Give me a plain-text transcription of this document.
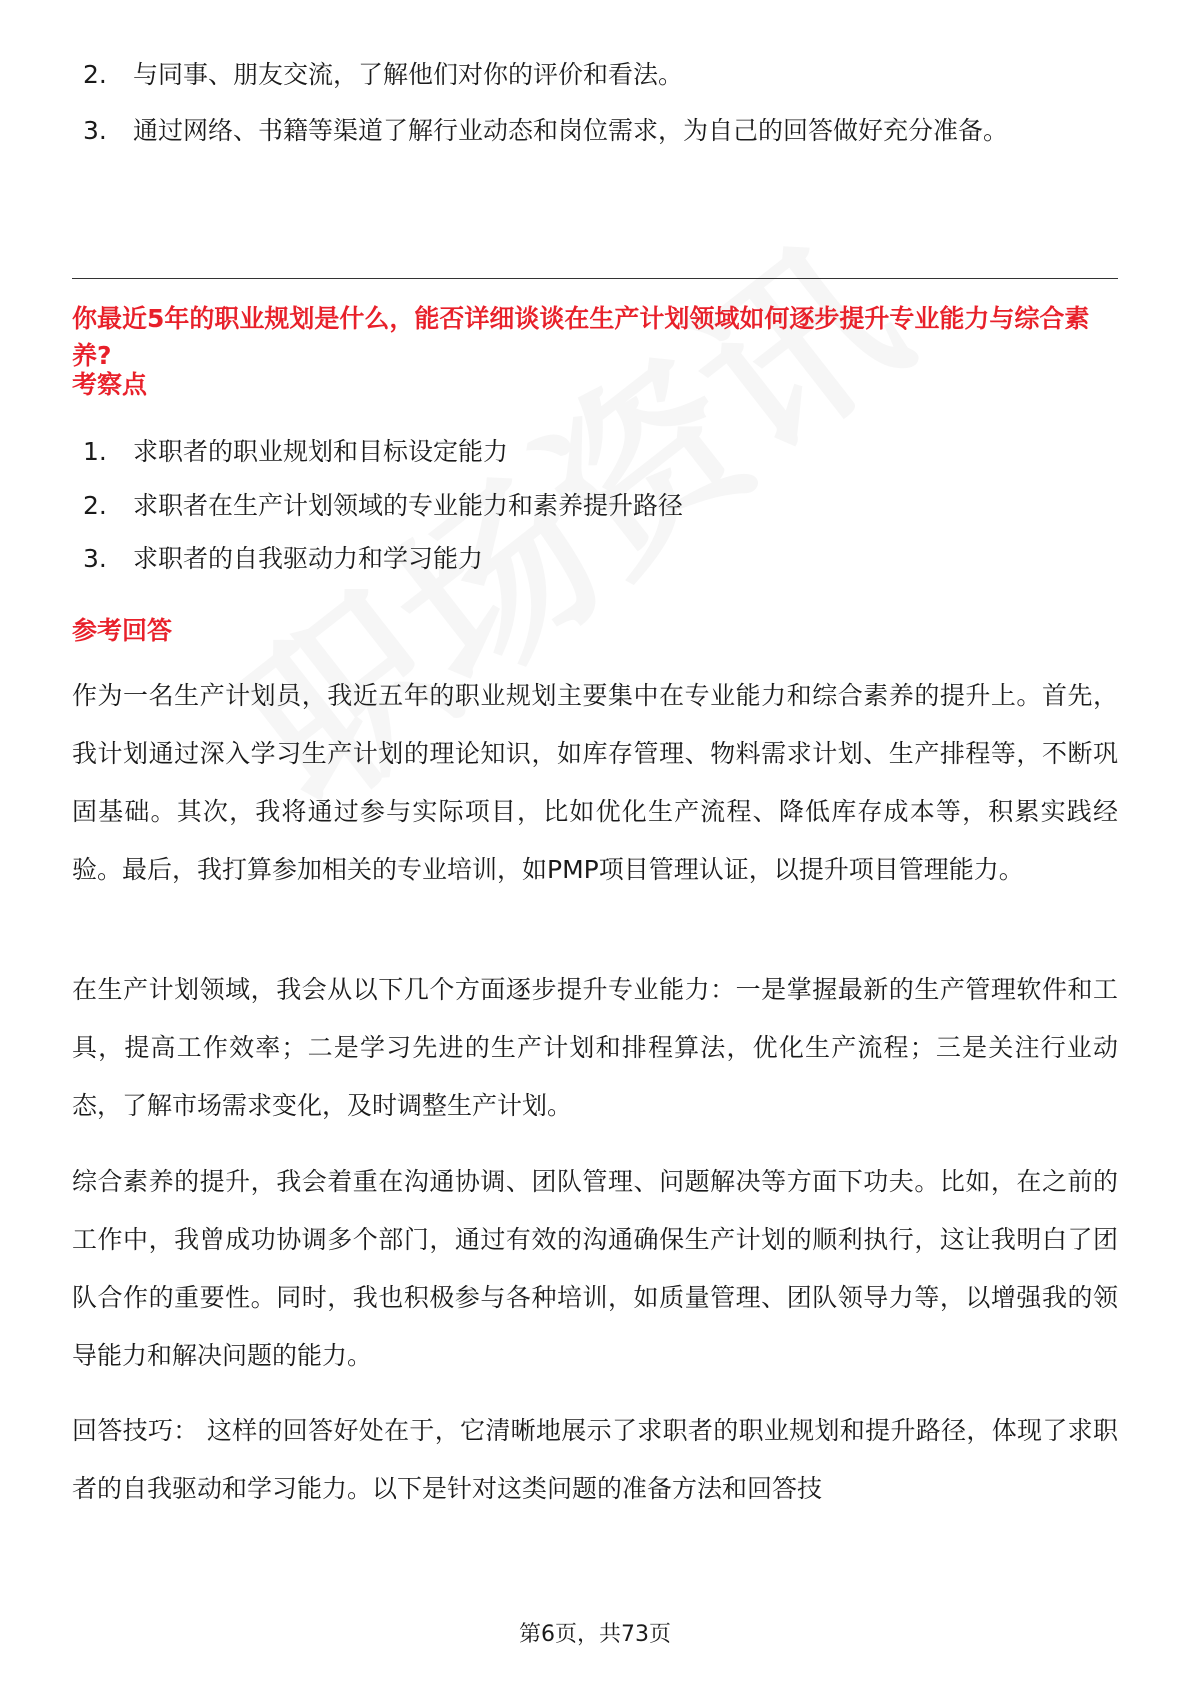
2.	与同事、朋友交流，了解他们对你的评价和看法。
3.	通过网络、书籍等渠道了解行业动态和岗位需求，为自己的回答做好充分准备。
你最近5年的职业规划是什么，能否详细谈谈在生产计划领域如何逐步提升专业能力与综合素养?
考察点
1.	求职者的职业规划和目标设定能力
2.	求职者在生产计划领域的专业能力和素养提升路径
3.	求职者的自我驱动力和学习能力
参考回答
作为一名生产计划员，我近五年的职业规划主要集中在专业能力和综合素养的提升上。首先，我计划通过深入学习生产计划的理论知识，如库存管理、物料需求计划、生产排程等，不断巩固基础。其次，我将通过参与实际项目，比如优化生产流程、降低库存成本等，积累实践经验。最后，我打算参加相关的专业培训，如PMP项目管理认证，以提升项目管理能力。
在生产计划领域，我会从以下几个方面逐步提升专业能力：一是掌握最新的生产管理软件和工具，提高工作效率；二是学习先进的生产计划和排程算法，优化生产流程；三是关注行业动态，了解市场需求变化，及时调整生产计划。
综合素养的提升，我会着重在沟通协调、团队管理、问题解决等方面下功夫。比如，在之前的工作中，我曾成功协调多个部门，通过有效的沟通确保生产计划的顺利执行，这让我明白了团队合作的重要性。同时，我也积极参与各种培训，如质量管理、团队领导力等，以增强我的领导能力和解决问题的能力。
回答技巧： 这样的回答好处在于，它清晰地展示了求职者的职业规划和提升路径，体现了求职者的自我驱动和学习能力。以下是针对这类问题的准备方法和回答技
第6页，共73页
